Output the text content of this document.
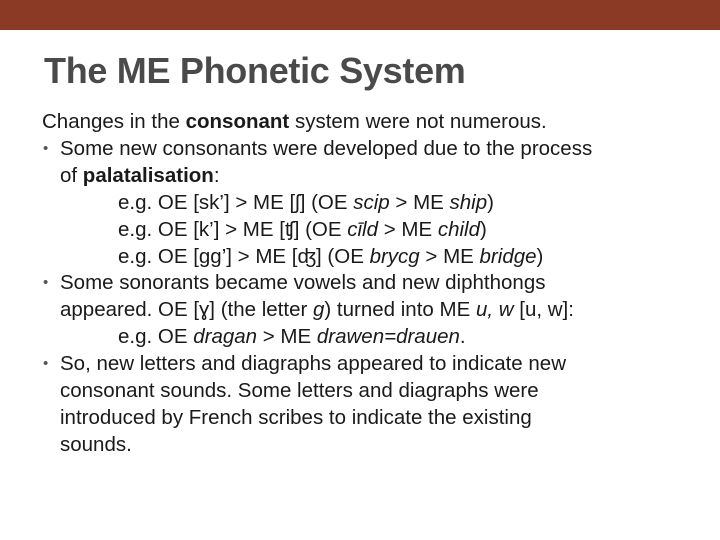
The ME Phonetic System
Changes in the consonant system were not numerous.
• Some new consonants were developed due to the process
of palatalisation:
e.g. OE [sk’] > ME [ʃ] (OE scip > ME ship)
e.g. OE [k’] > ME [ʧ] (OE cīld > ME child)
e.g. OE [gg’] > ME [ʤ] (OE brycg > ME bridge)
• Some sonorants became vowels and new diphthongs
appeared. OE [ɣ] (the letter g) turned into ME u, w [u, w]:
e.g. OE dragan > ME drawen=drauen.
• So, new letters and diagraphs appeared to indicate new
consonant sounds. Some letters and diagraphs were
introduced by French scribes to indicate the existing
sounds.
